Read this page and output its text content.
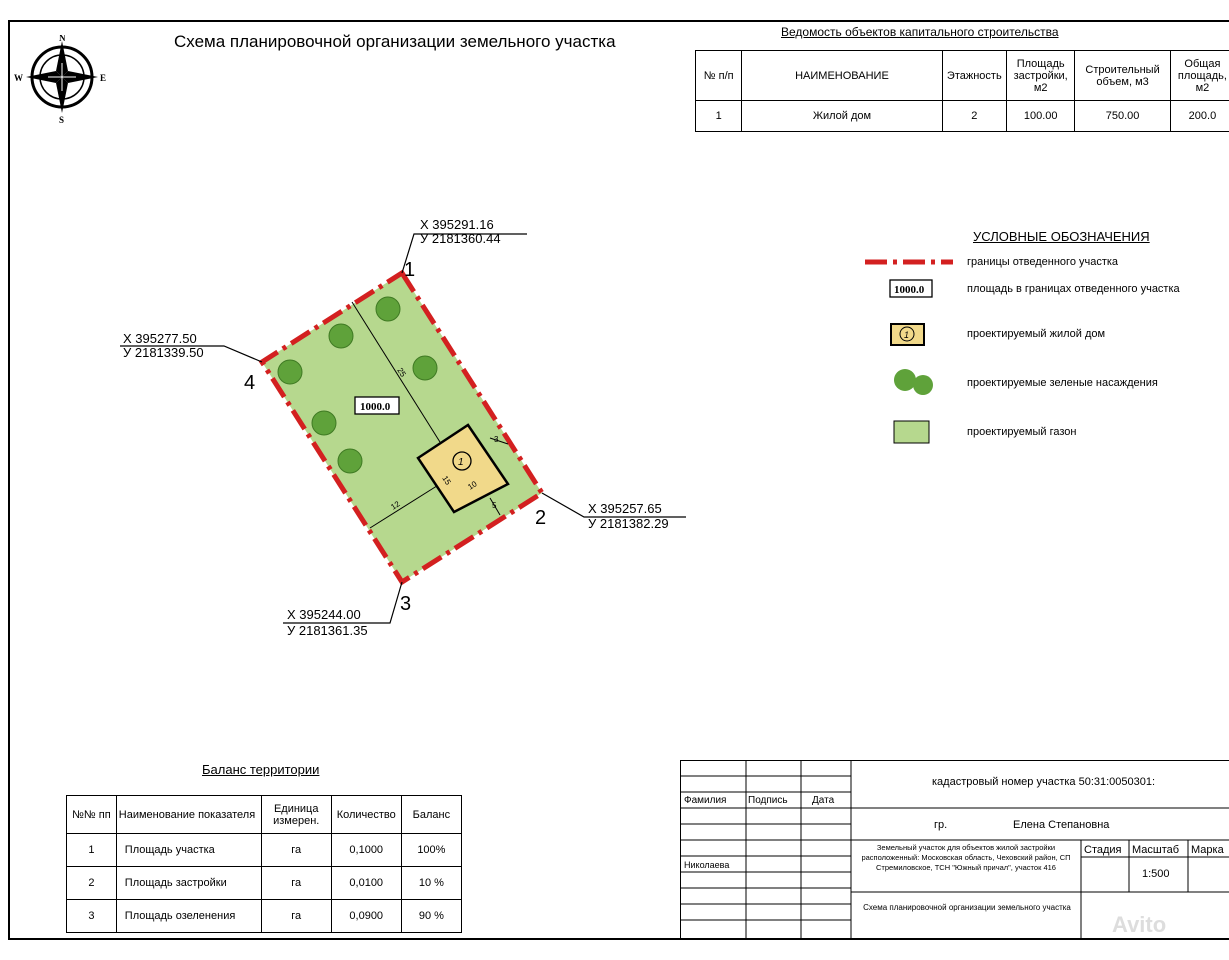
Схема планировочной организации земельного участка
N
S
W	E
Ведомость объектов капитального строительства
№ п/п	НАИМЕНОВАНИЕ	Этажность	Площадь застройки, м2	Строительный объем, м3	Общая площадь, м2
1	Жилой дом	2	100.00	750.00	200.0
1
1000.0
25
12
15 10
3
5
1
2
3
4
Х 395291.16
У 2181360.44
Х 395257.65
У 2181382.29
Х 395244.00
У 2181361.35
Х 395277.50
У 2181339.50
УСЛОВНЫЕ ОБОЗНАЧЕНИЯ
1000.0
1
границы отведенного участка
площадь в границах отведенного участка
проектируемый жилой дом
проектируемые зеленые насаждения
проектируемый газон
Баланс территории
№№ пп	Наименование показателя	Единица измерен.	Количество	Баланс
1	Площадь участка	га	0,1000	100%
2	Площадь застройки	га	0,0100	10 %
3	Площадь озеленения	га	0,0900	90 %
кадастровый номер участка 50:31:0050301:
Фамилия Подпись Дата
гр.	Елена Степановна
Николаева
Земельный участок для объектов жилой застройки расположенный: Московская область, Чеховский район, СП Стремиловское, ТСН "Южный причал", участок 416
Стадия Масштаб Марка
1:500
Схема планировочной организации земельного участка
Avito
